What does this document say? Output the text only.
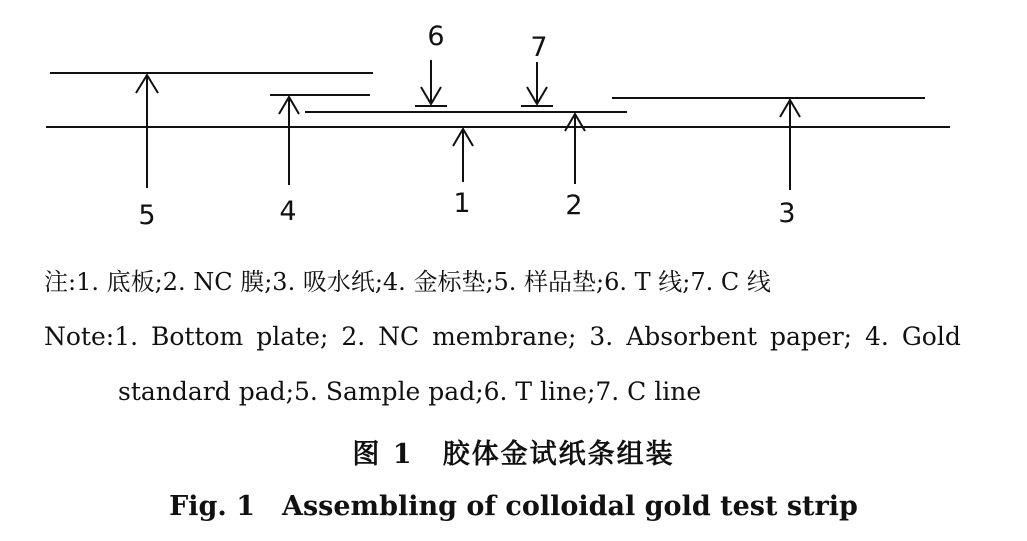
5	4	1	2	3
6	7
注:1. 底板;2. NC 膜;3. 吸水纸;4. 金标垫;5. 样品垫;6. T 线;7. C 线
Note:1. Bottom plate; 2. NC membrane; 3. Absorbent paper; 4. Gold
standard pad;5. Sample pad;6. T line;7. C line
图 1　胶体金试纸条组装
Fig. 1　Assembling of colloidal gold test strip
